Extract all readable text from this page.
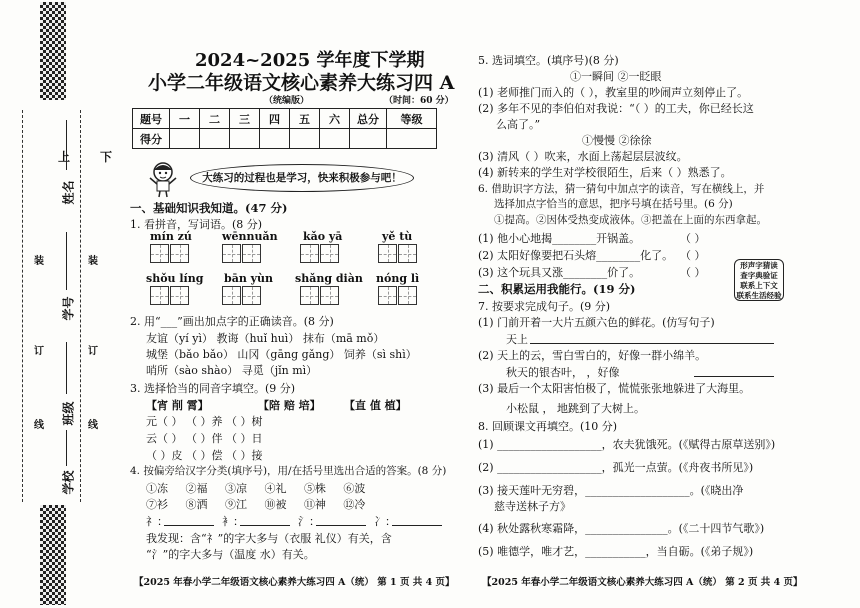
上 下
姓名
学号
班级
学校
装
订
线
装
订
线
2024~2025 学年度下学期
小学二年级语文核心素养大练习四 A
（统编版）	（时间：60 分）
题号	一	二	三	四	五	六	总分	等级
得分								
大练习的过程也是学习，快来积极参与吧！
一、基础知识我知道。(47 分)
1. 看拼音，写词语。(8 分)
mín zú	wēnnuǎn kǎo yā	yě tù
shǒu líng bān yùn shǎng diàn nóng lì
2. 用“___”画出加点字的正确读音。(8 分)
友谊（yí yì） 教诲（huǐ huì） 抹布（mā mǒ）
城堡（bǎo bǎo） 山冈（gāng gǎng） 饲养（sì shì）
哨所（sào shào） 寻觅（jǐn mì）
3. 选择恰当的同音字填空。(9 分)
【宵 削 霄】	【陪 赔 培】 【直 值 植】
元（ ） （ ）养 （ ）树
云（ ） （ ）伴 （ ）日
（ ）皮 （ ）偿 （ ）接
4. 按偏旁给汉字分类(填序号)，用/在括号里选出合适的答案。(8 分)
①冻 ②福 ③凉 ④礼 ⑤株 ⑥波
⑦衫 ⑧洒 ⑨江 ⑩被 ⑪神 ⑫冷
礻：	衤：	氵：	冫：
我发现：含“礻”的字大多与（衣服 礼仪）有关，含
“氵”的字大多与（温度 水）有关。
【2025 年春小学二年级语文核心素养大练习四 A（统） 第 1 页 共 4 页】
5. 选词填空。(填序号)(8 分)
①一瞬间 ②一眨眼
(1) 老师推门而入的（ ），教室里的吵闹声立刻停止了。
(2) 多年不见的李伯伯对我说：“（ ）的工夫，你已经长这
么高了。”
①慢慢 ②徐徐
(3) 清风（ ）吹来，水面上荡起层层波纹。
(4) 新转来的学生对学校很陌生，后来（ ）熟悉了。
6. 借助识字方法，猜一猜句中加点字的读音，写在横线上，并
选择加点字恰当的意思，把序号填在括号里。(6 分)
①提高。②因体受热变成液体。③把盖在上面的东西拿起。
(1) 他小心地揭________开锅盖。	（ ）
(2) 太阳好像要把石头熔________化了。 （ ）
(3) 这个玩具又涨________价了。	（ ）
形声字猜读
查字典验证
联系上下文
联系生活经验
二、积累运用我能行。(19 分)
7. 按要求完成句子。(9 分)
(1) 门前开着一大片五颜六色的鲜花。(仿写句子)
天上
(2) 天上的云，雪白雪白的，好像一群小绵羊。
秋天的银杏叶， ，好像
(3) 最后一个太阳害怕极了，慌慌张张地躲进了大海里。
小松鼠 ， 地跳到了大树上。
8. 回顾课文再填空。(10 分)
(1) ___________________，农夫犹饿死。(《赋得古原草送别》)
(2) ___________________，孤光一点萤。(《舟夜书所见》)
(3) 接天莲叶无穷碧，___________________。(《晓出净
慈寺送林子方》
(4) 秋处露秋寒霜降，_______________。(《二十四节气歌》)
(5) 唯德学，唯才艺，___________，当自砺。(《弟子规》)
【2025 年春小学二年级语文核心素养大练习四 A（统） 第 2 页 共 4 页】
